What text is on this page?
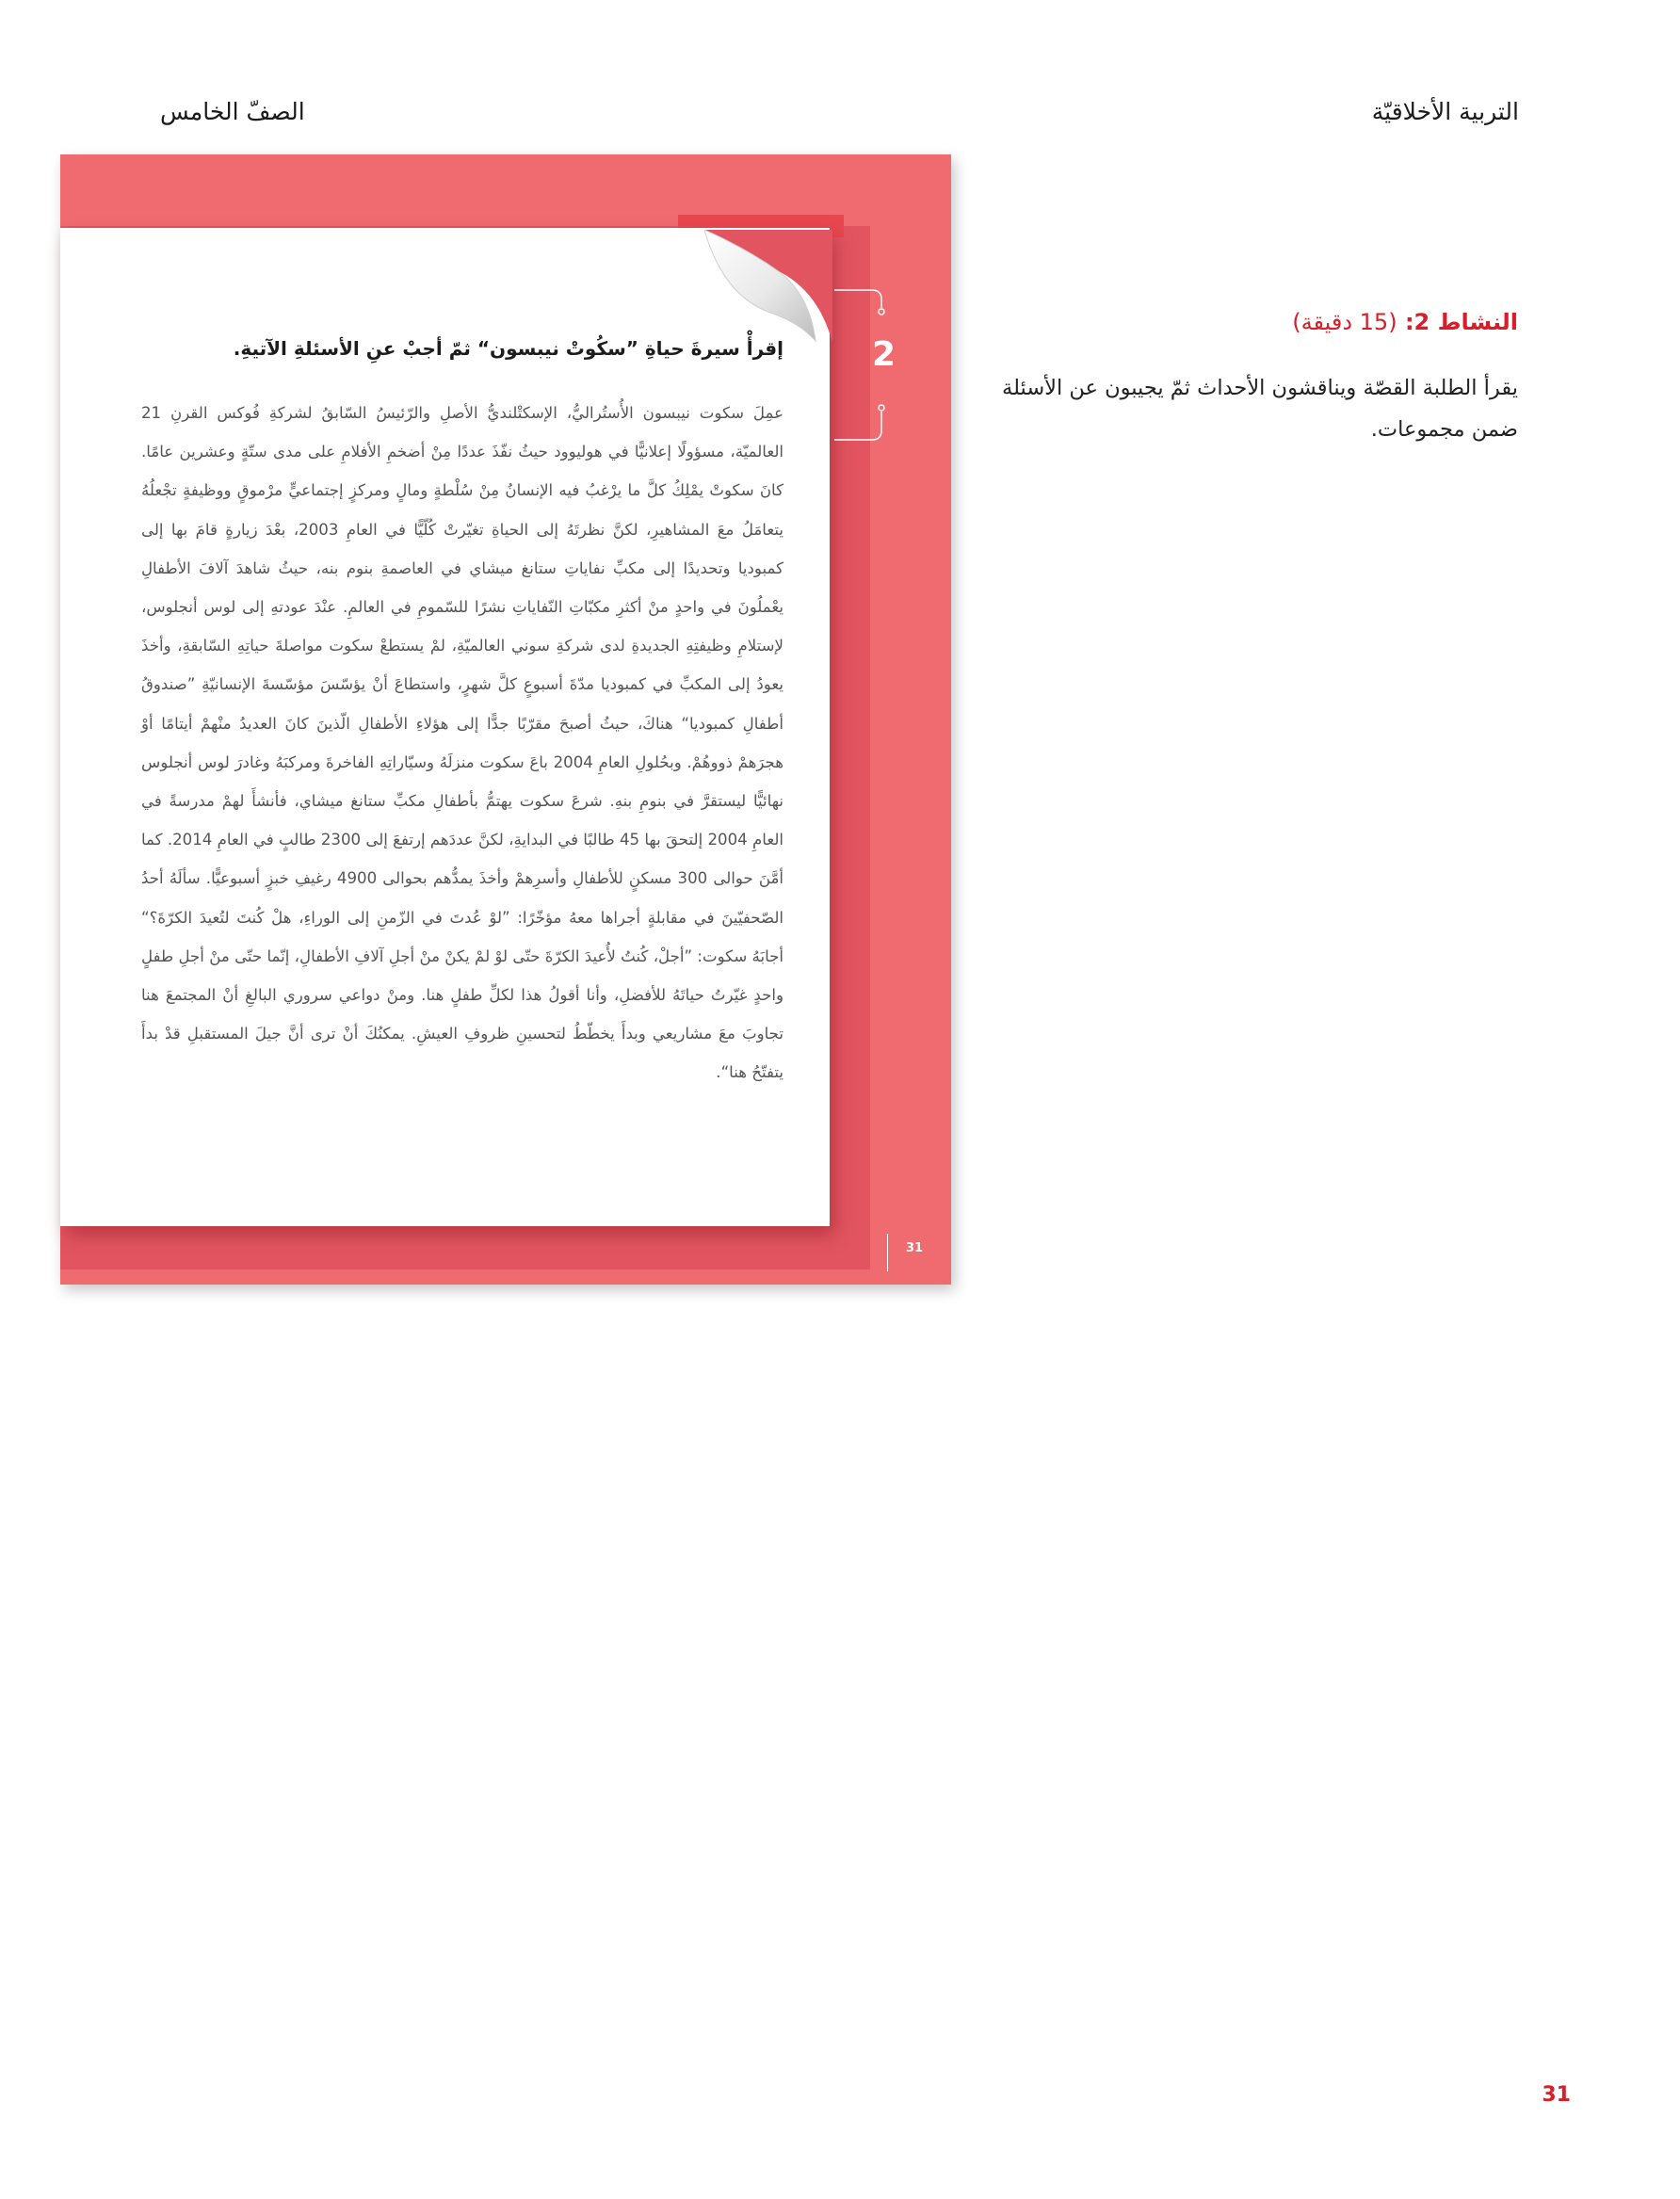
التربية الأخلاقيّة
الصفّ الخامس
2
31
إقرأْ سيرةَ حياةِ ”سكُوتْ نيبسون“ ثمّ أجبْ عنِ الأسئلةِ الآتيةِ.
عمِلَ سكوت نيبسون الأُستُراليُّ، الإسكتْلنديُّ الأصلِ والرّئيسُ السّابقُ لشركةِ فُوكس القرنِ 21 العالميّة، مسؤولًا إعلانيًّا في هوليوود حيثُ نفّذَ عددًا مِنْ أضخمِ الأفلامِ على مدى ستّةٍ وعشرين عامًا. كانَ سكوتْ يمْلِكُ كلَّ ما يرْغبُ فيه الإنسانُ مِنْ سُلْطةٍ ومالٍ ومركزٍ إجتماعيٍّ مرْموقٍ ووظيفةٍ تجْعلُهُ يتعامَلُ معَ المشاهيرِ، لكنَّ نظرتَهُ إلى الحياةِ تغيّرتْ كُلّيًّا في العامِ 2003، بعْدَ زيارةٍ قامَ بها إلى كمبوديا وتحديدًا إلى مكبِّ نفاياتِ ستانغ ميشاي في العاصمةِ بنوم بنه، حيثُ شاهدَ آلافَ الأطفالِ يعْملُونَ في واحدٍ منْ أكثرِ مكبّاتِ النّفاياتِ نشرًا للسّمومِ في العالمِ. عنْدَ عودتهِ إلى لوس أنجلوس، لإستلامِ وظيفتِهِ الجديدةِ لدى شركةِ سوني العالميّةِ، لمْ يستطعْ سكوت مواصلةَ حياتِهِ السّابقةِ، وأخذَ يعودُ إلى المكبِّ في كمبوديا مدّةَ أسبوعٍ كلَّ شهرٍ، واستطاعَ أنْ يؤسّسَ مؤسّسةَ الإنسانيّةِ ”صندوقُ أطفالِ كمبوديا“ هناكَ، حيثُ أصبحَ مقرّبًا جدًّا إلى هؤلاءِ الأطفالِ الّذينَ كانَ العديدُ منْهمْ أيتامًا أوْ هجرَهمْ ذووهُمْ. وبحُلولِ العامِ 2004 باعَ سكوت منزلَهُ وسيّاراتِهِ الفاخرةَ ومركبَهُ وغادرَ لوس أنجلوس نهائيًّا ليستقرَّ في بنومِ بنهِ. شرعَ سكوت يهتمُّ بأطفالِ مكبِّ ستانغ ميشاي، فأنشأَ لهمْ مدرسةً في العامِ 2004 إلتحقَ بها 45 طالبًا في البدايةِ، لكنَّ عددَهم إرتفعَ إلى 2300 طالبٍ في العامِ 2014. كما أمَّنَ حوالى 300 مسكنٍ للأطفالِ وأسرِهمْ وأخذَ يمدُّهم بحوالى 4900 رغيفِ خبزٍ أسبوعيًّا. سألَهُ أحدُ الصّحفيّينَ في مقابلةٍ أجراها معهُ مؤخّرًا: ”لوْ عُدتَ في الزّمنِ إلى الوراءِ، هلْ كُنتَ لتُعيدَ الكرّةَ؟“ أجابَهُ سكوت: ”أجلْ، كُنتُ لأُعيدَ الكرّةَ حتّى لوْ لمْ يكنْ منْ أجلِ آلافِ الأطفالِ، إنّما حتّى منْ أجلِ طفلٍ واحدٍ غيّرتُ حياتَهُ للأفضلِ، وأنا أقولُ هذا لكلِّ طفلٍ هنا. ومنْ دواعي سروري البالغِ أنْ المجتمعَ هنا تجاوبَ معَ مشاريعي وبدأَ يخطّطُ لتحسينِ ظروفِ العيشِ. يمكنُكَ أنْ ترى أنَّ جيلَ المستقبلِ قدْ بدأَ يتفتّحُ هنا“.
النشاط 2: (15 دقيقة)
يقرأ الطلبة القصّة ويناقشون الأحداث ثمّ يجيبون عن الأسئلة ضمن مجموعات.
31
